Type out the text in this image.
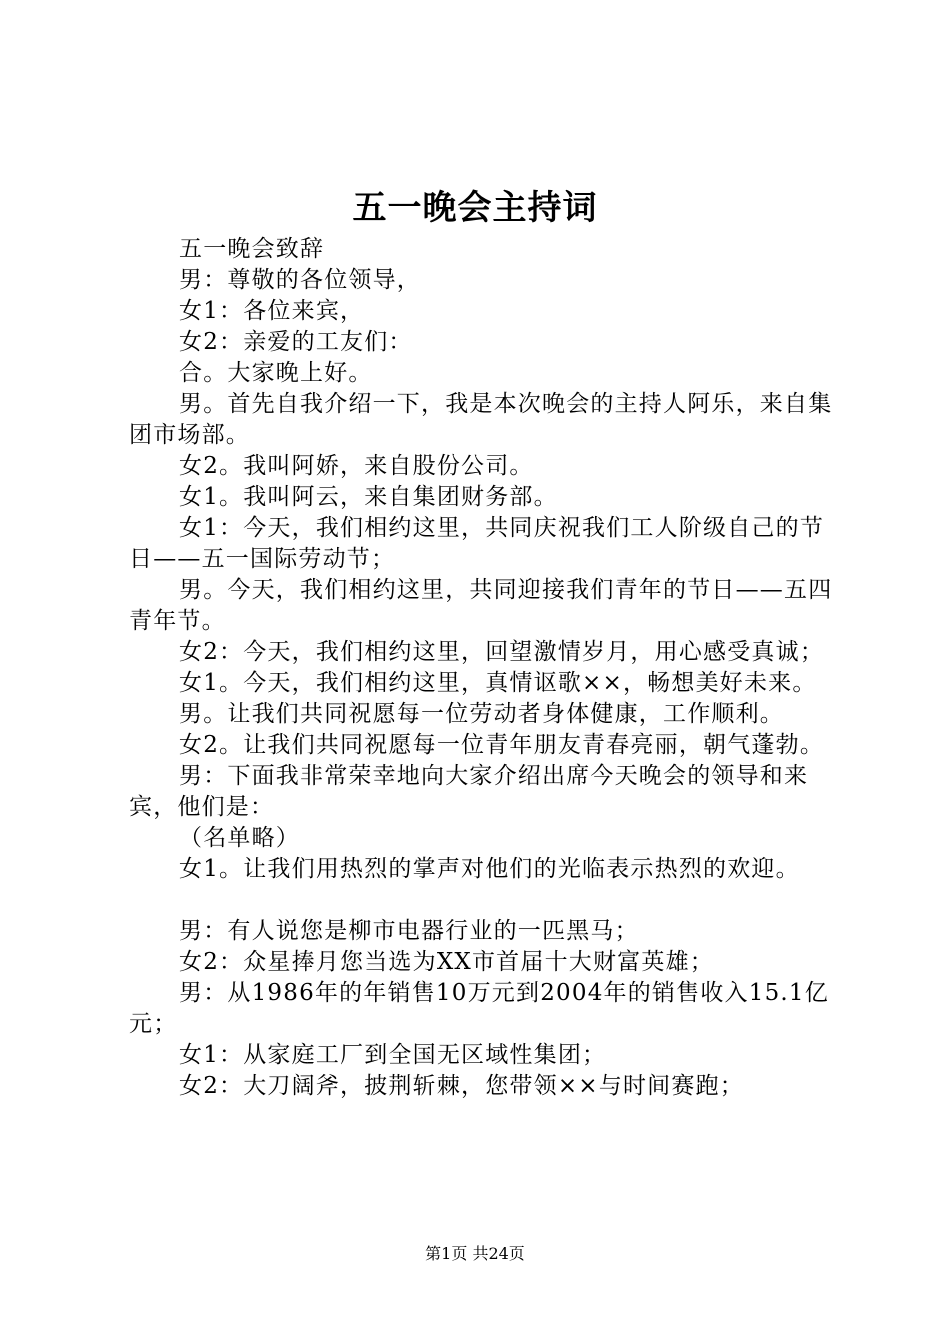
五一晚会主持词

五一晚会致辞

男：尊敬的各位领导，

女1：各位来宾，

女2：亲爱的工友们：

合。大家晚上好。

男。首先自我介绍一下，我是本次晚会的主持人阿乐，来自集团市场部。

女2。我叫阿娇，来自股份公司。

女1。我叫阿云，来自集团财务部。

女1：今天，我们相约这里，共同庆祝我们工人阶级自己的节日——五一国际劳动节；

男。今天，我们相约这里，共同迎接我们青年的节日——五四青年节。

女2：今天，我们相约这里，回望激情岁月，用心感受真诚；

女1。今天，我们相约这里，真情讴歌××，畅想美好未来。

男。让我们共同祝愿每一位劳动者身体健康，工作顺利。

女2。让我们共同祝愿每一位青年朋友青春亮丽，朝气蓬勃。

男：下面我非常荣幸地向大家介绍出席今天晚会的领导和来宾，他们是：

（名单略）

女1。让我们用热烈的掌声对他们的光临表示热烈的欢迎。

男：有人说您是柳市电器行业的一匹黑马；

女2：众星捧月您当选为XX市首届十大财富英雄；

男：从1986年的年销售10万元到2004年的销售收入15.1亿元；

女1：从家庭工厂到全国无区域性集团；

女2：大刀阔斧，披荆斩棘，您带领××与时间赛跑；

第1页 共24页
